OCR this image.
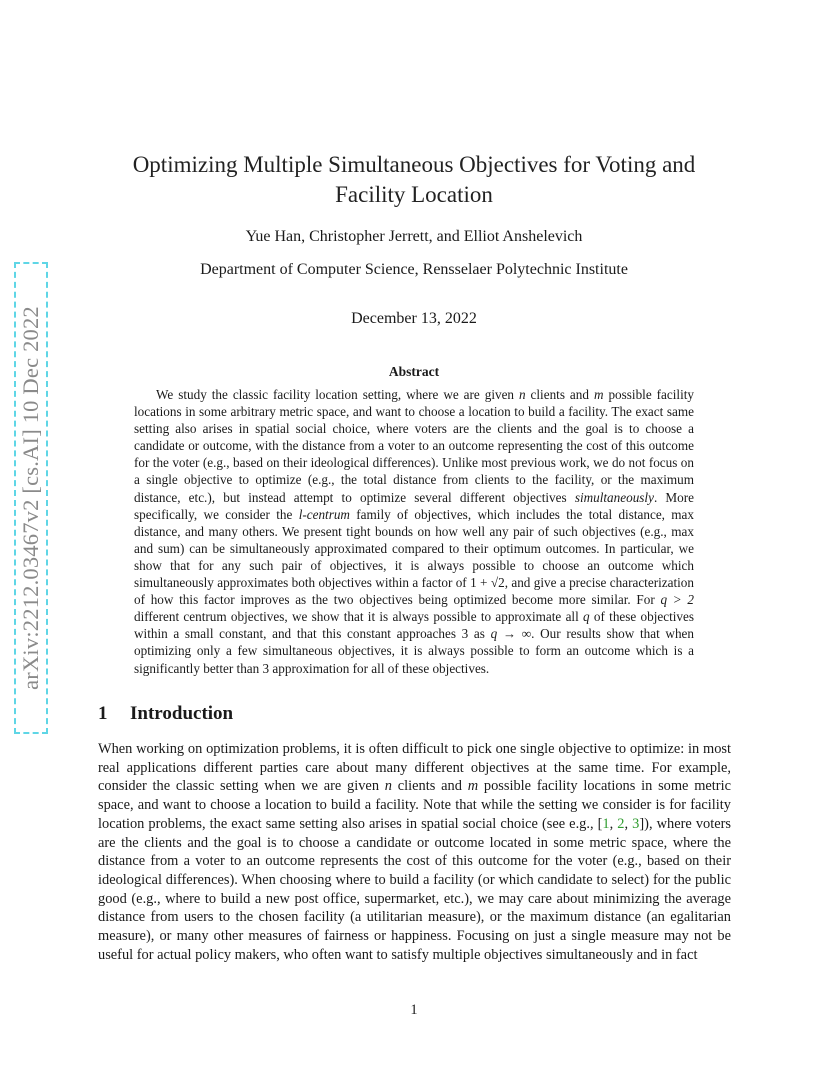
arXiv:2212.03467v2 [cs.AI] 10 Dec 2022
Optimizing Multiple Simultaneous Objectives for Voting and Facility Location
Yue Han, Christopher Jerrett, and Elliot Anshelevich
Department of Computer Science, Rensselaer Polytechnic Institute
December 13, 2022
Abstract

We study the classic facility location setting, where we are given n clients and m possible facility locations in some arbitrary metric space, and want to choose a location to build a facility. The exact same setting also arises in spatial social choice, where voters are the clients and the goal is to choose a candidate or outcome, with the distance from a voter to an outcome representing the cost of this outcome for the voter (e.g., based on their ideological differences). Unlike most previous work, we do not focus on a single objective to optimize (e.g., the total distance from clients to the facility, or the maximum distance, etc.), but instead attempt to optimize several different objectives simultaneously. More specifically, we consider the l-centrum family of objectives, which includes the total distance, max distance, and many others. We present tight bounds on how well any pair of such objectives (e.g., max and sum) can be simultaneously approximated compared to their optimum outcomes. In particular, we show that for any such pair of objectives, it is always possible to choose an outcome which simultaneously approximates both objectives within a factor of 1 + √2, and give a precise characterization of how this factor improves as the two objectives being optimized become more similar. For q > 2 different centrum objectives, we show that it is always possible to approximate all q of these objectives within a small constant, and that this constant approaches 3 as q → ∞. Our results show that when optimizing only a few simultaneous objectives, it is always possible to form an outcome which is a significantly better than 3 approximation for all of these objectives.

1 Introduction

When working on optimization problems, it is often difficult to pick one single objective to optimize: in most real applications different parties care about many different objectives at the same time. For example, consider the classic setting when we are given n clients and m possible facility locations in some metric space, and want to choose a location to build a facility. Note that while the setting we consider is for facility location problems, the exact same setting also arises in spatial social choice (see e.g., [1, 2, 3]), where voters are the clients and the goal is to choose a candidate or outcome located in some metric space, where the distance from a voter to an outcome represents the cost of this outcome for the voter (e.g., based on their ideological differences). When choosing where to build a facility (or which candidate to select) for the public good (e.g., where to build a new post office, supermarket, etc.), we may care about minimizing the average distance from users to the chosen facility (a utilitarian measure), or the maximum distance (an egalitarian measure), or many other measures of fairness or happiness. Focusing on just a single measure may not be useful for actual policy makers, who often want to satisfy multiple objectives simultaneously and in fact

1
